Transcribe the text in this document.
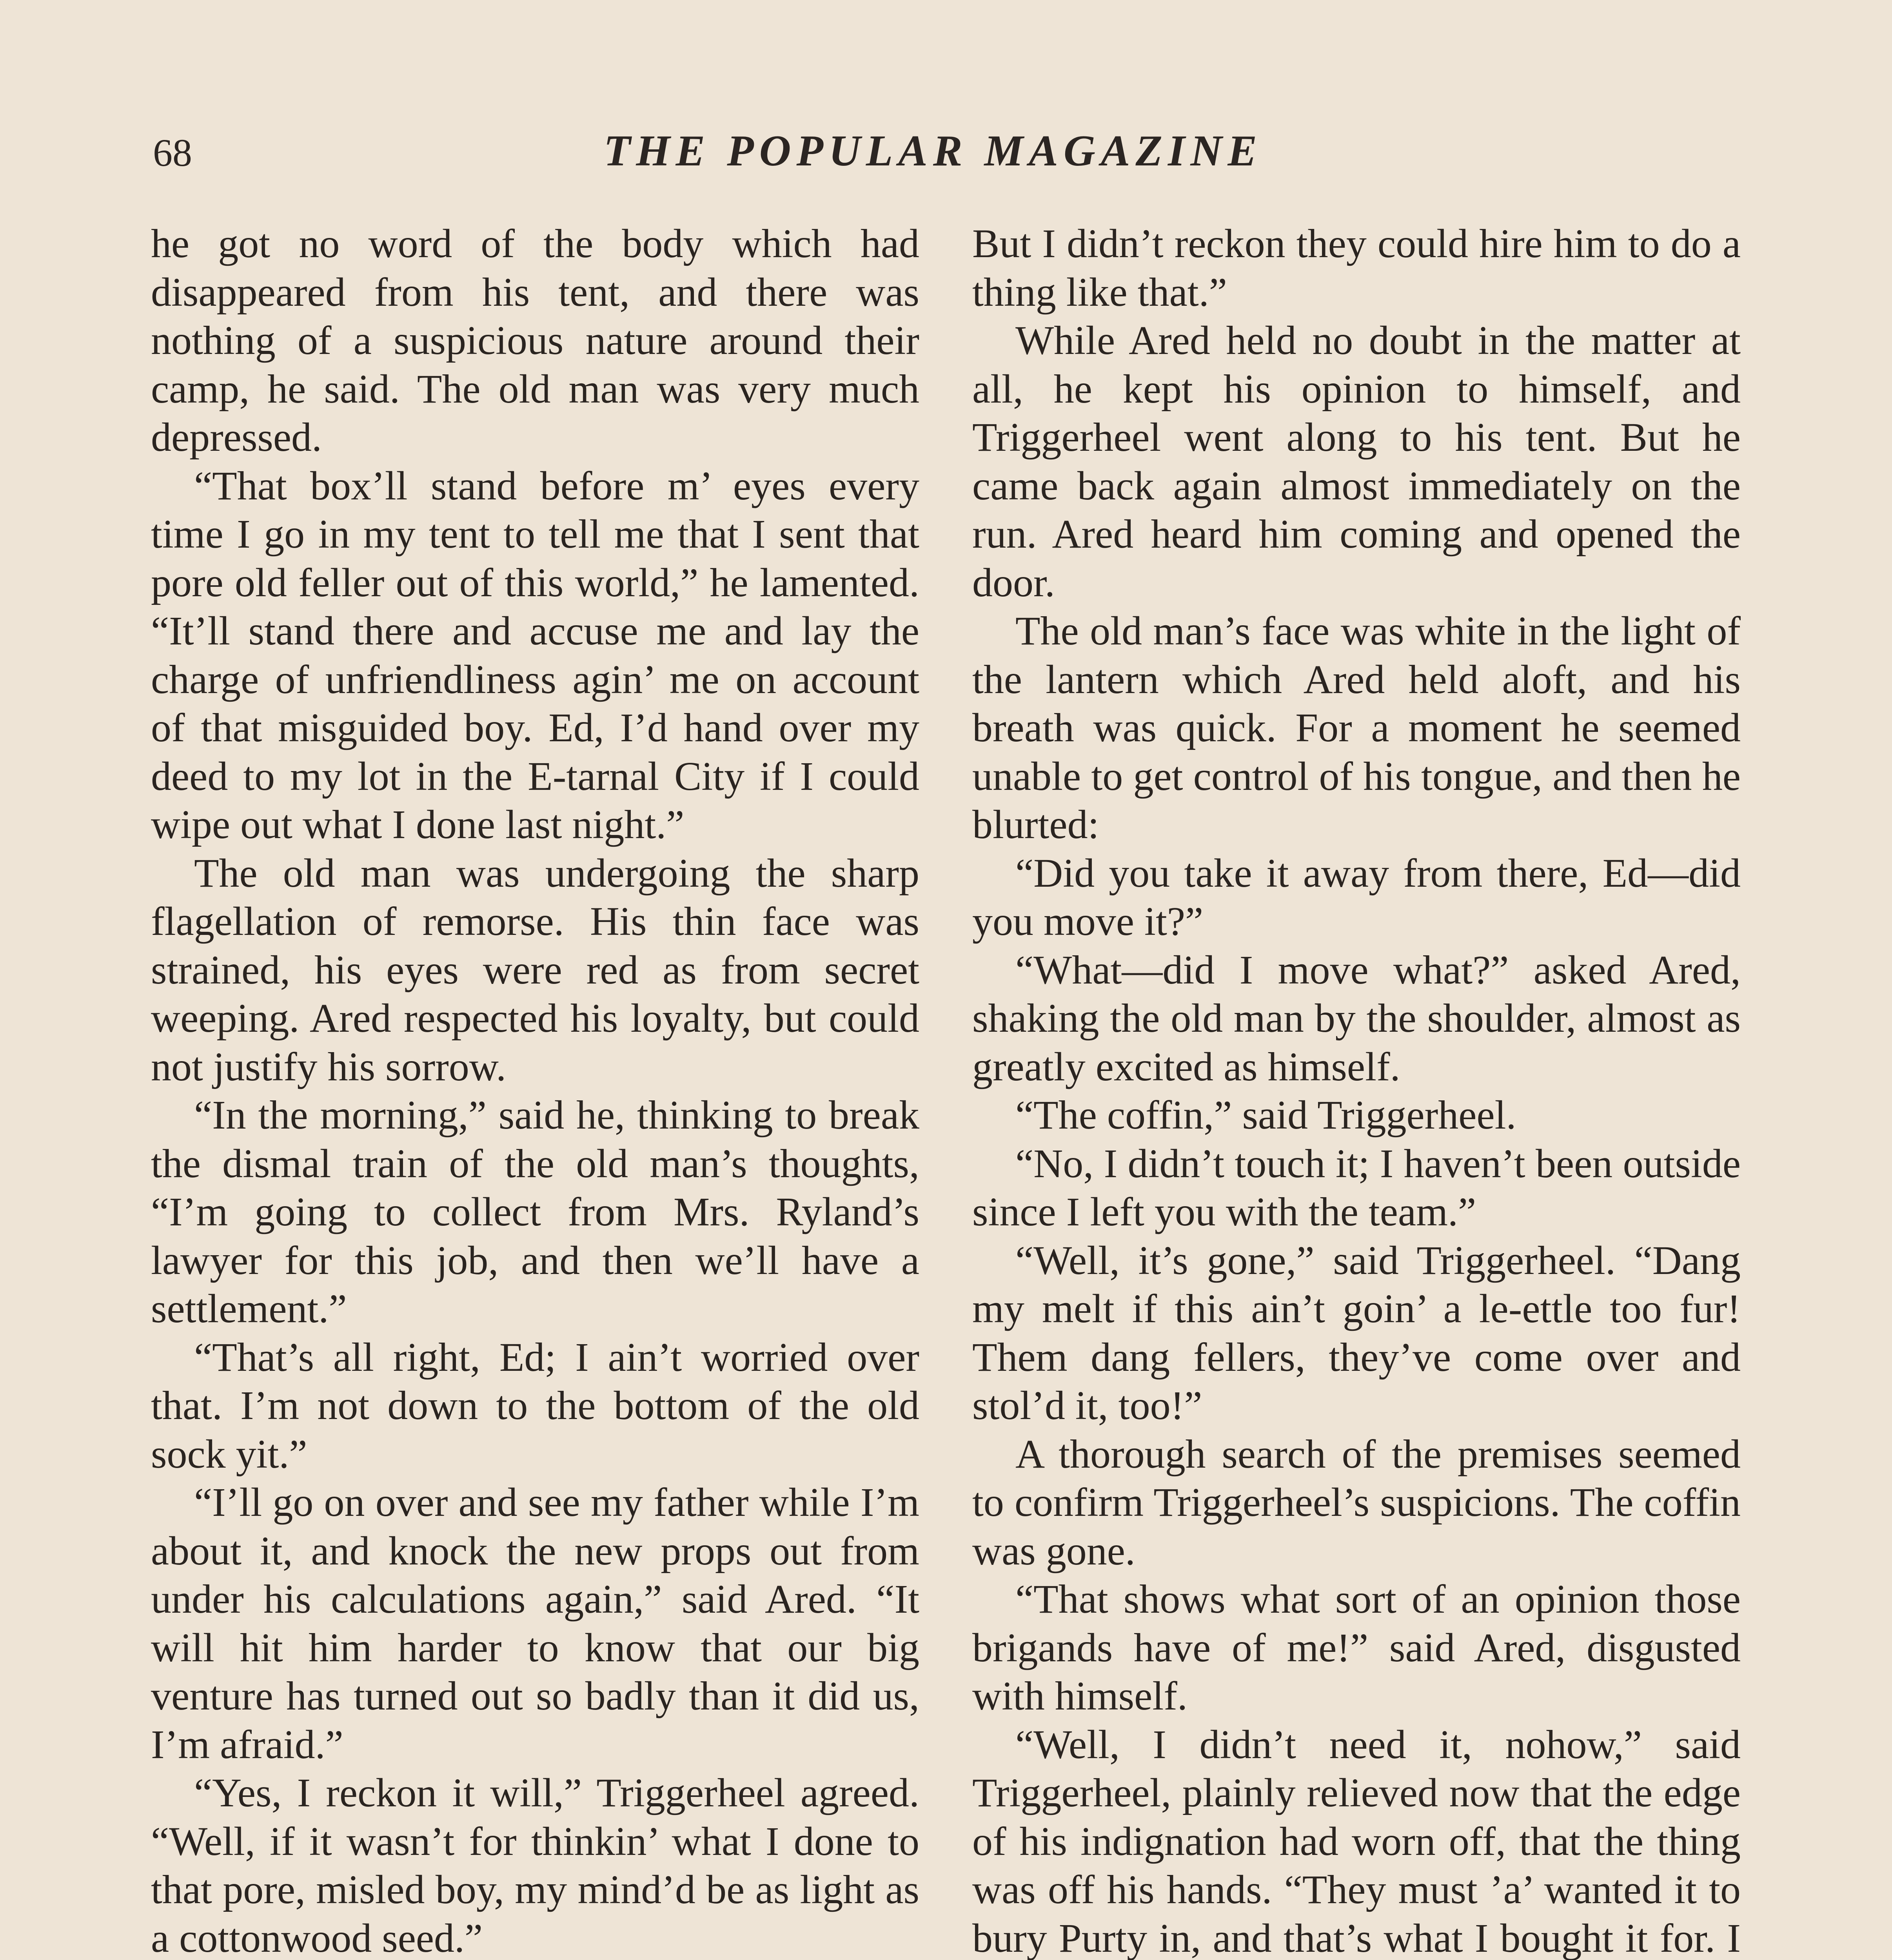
68	THE POPULAR MAGAZINE

he got no word of the body which had disappeared from his tent, and there was nothing of a suspicious nature around their camp, he said. The old man was very much depressed.

“That box’ll stand before m’ eyes every time I go in my tent to tell me that I sent that pore old feller out of this world,” he lamented. “It’ll stand there and accuse me and lay the charge of unfriendliness agin’ me on account of that misguided boy. Ed, I’d hand over my deed to my lot in the E-tarnal City if I could wipe out what I done last night.”

The old man was undergoing the sharp flagellation of remorse. His thin face was strained, his eyes were red as from secret weeping. Ared respected his loyalty, but could not justify his sorrow.

“In the morning,” said he, thinking to break the dismal train of the old man’s thoughts, “I’m going to collect from Mrs. Ryland’s lawyer for this job, and then we’ll have a settlement.”

“That’s all right, Ed; I ain’t worried over that. I’m not down to the bottom of the old sock yit.”

“I’ll go on over and see my father while I’m about it, and knock the new props out from under his calculations again,” said Ared. “It will hit him harder to know that our big venture has turned out so badly than it did us, I’m afraid.”

“Yes, I reckon it will,” Triggerheel agreed. “Well, if it wasn’t for thinkin’ what I done to that pore, misled boy, my mind’d be as light as a cottonwood seed.”

But I didn’t reckon they could hire him to do a thing like that.”

While Ared held no doubt in the matter at all, he kept his opinion to himself, and Triggerheel went along to his tent. But he came back again almost immediately on the run. Ared heard him coming and opened the door.

The old man’s face was white in the light of the lantern which Ared held aloft, and his breath was quick. For a moment he seemed unable to get control of his tongue, and then he blurted:

“Did you take it away from there, Ed—did you move it?”

“What—did I move what?” asked Ared, shaking the old man by the shoulder, almost as greatly excited as himself.

“The coffin,” said Triggerheel.

“No, I didn’t touch it; I haven’t been outside since I left you with the team.”

“Well, it’s gone,” said Triggerheel. “Dang my melt if this ain’t goin’ a le-ettle too fur! Them dang fellers, they’ve come over and stol’d it, too!”

A thorough search of the premises seemed to confirm Triggerheel’s suspicions. The coffin was gone.

“That shows what sort of an opinion those brigands have of me!” said Ared, disgusted with himself.

“Well, I didn’t need it, nohow,” said Triggerheel, plainly relieved now that the edge of his indignation had worn off, that the thing was off his hands. “They must ’a’ wanted it to bury Purty in, and that’s what I bought it for. I
